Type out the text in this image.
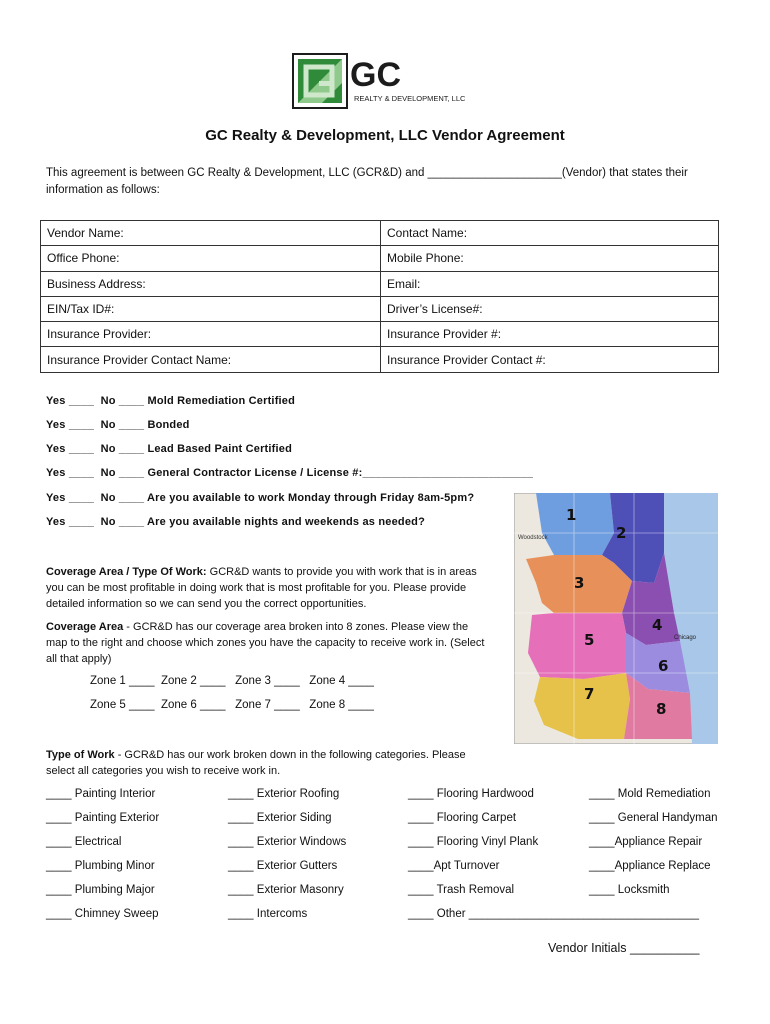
GC
REALTY & DEVELOPMENT, LLC
GC Realty & Development, LLC Vendor Agreement
This agreement is between GC Realty & Development, LLC (GCR&D) and _____________________(Vendor) that states their
information as follows:
Vendor Name:	Contact Name:
Office Phone:	Mobile Phone:
Business Address:	Email:
EIN/Tax ID#:	Driver’s License#:
Insurance Provider:	Insurance Provider #:
Insurance Provider Contact Name:	Insurance Provider Contact #:
Yes ____  No ____ Mold Remediation Certified
Yes ____  No ____ Bonded
Yes ____  No ____ Lead Based Paint Certified
Yes ____  No ____ General Contractor License / License #:___________________________
Yes ____  No ____ Are you available to work Monday through Friday 8am-5pm?
Yes ____  No ____ Are you available nights and weekends as needed?
Coverage Area / Type Of Work: GCR&D wants to provide you with work that is in areas
you can be most profitable in doing work that is most profitable for you. Please provide
detailed information so we can send you the correct opportunities.
Coverage Area - GCR&D has our coverage area broken into 8 zones. Please view the
map to the right and choose which zones you have the capacity to receive work in. (Select
all that apply)
Zone 1 ____  Zone 2 ____   Zone 3 ____   Zone 4 ____
Zone 5 ____  Zone 6 ____   Zone 7 ____   Zone 8 ____
Woodstock
Chicago
1
2
3
4
5
6
7
8
Type of Work - GCR&D has our work broken down in the following categories. Please
select all categories you wish to receive work in.
____ Painting Interior	____ Exterior Roofing	____ Flooring Hardwood	____ Mold Remediation
____ Painting Exterior	____ Exterior Siding	____ Flooring Carpet	____ General Handyman
____ Electrical	____ Exterior Windows	____ Flooring Vinyl Plank	____Appliance Repair
____ Plumbing Minor	____ Exterior Gutters	____Apt Turnover	____Appliance Replace
____ Plumbing Major	____ Exterior Masonry	____ Trash Removal	____ Locksmith
____ Chimney Sweep	____ Intercoms	____ Other ____________________________________
Vendor Initials __________
